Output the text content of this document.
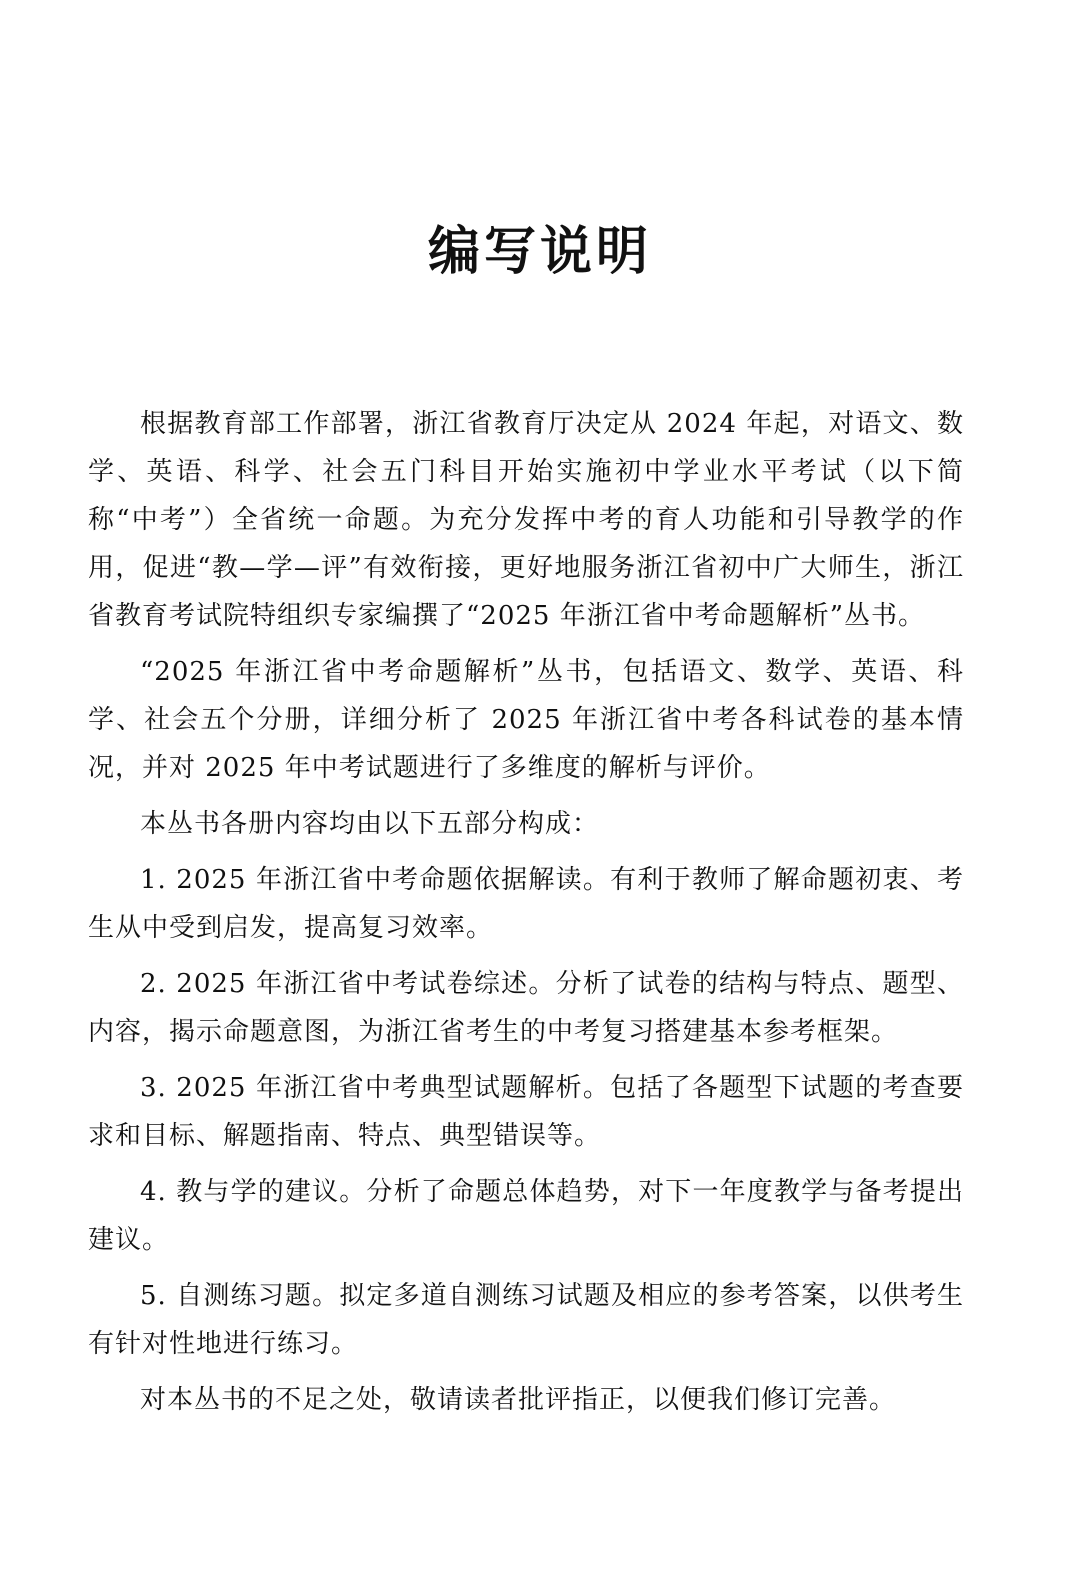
编写说明

根据教育部工作部署，浙江省教育厅决定从 2024 年起，对语文、数学、英语、科学、社会五门科目开始实施初中学业水平考试（以下简称“中考”）全省统一命题。为充分发挥中考的育人功能和引导教学的作用，促进“教—学—评”有效衔接，更好地服务浙江省初中广大师生，浙江省教育考试院特组织专家编撰了“2025 年浙江省中考命题解析”丛书。

“2025 年浙江省中考命题解析”丛书，包括语文、数学、英语、科学、社会五个分册，详细分析了 2025 年浙江省中考各科试卷的基本情况，并对 2025 年中考试题进行了多维度的解析与评价。

本丛书各册内容均由以下五部分构成：

1. 2025 年浙江省中考命题依据解读。有利于教师了解命题初衷、考生从中受到启发，提高复习效率。

2. 2025 年浙江省中考试卷综述。分析了试卷的结构与特点、题型、内容，揭示命题意图，为浙江省考生的中考复习搭建基本参考框架。

3. 2025 年浙江省中考典型试题解析。包括了各题型下试题的考查要求和目标、解题指南、特点、典型错误等。

4. 教与学的建议。分析了命题总体趋势，对下一年度教学与备考提出建议。

5. 自测练习题。拟定多道自测练习试题及相应的参考答案，以供考生有针对性地进行练习。

对本丛书的不足之处，敬请读者批评指正，以便我们修订完善。
